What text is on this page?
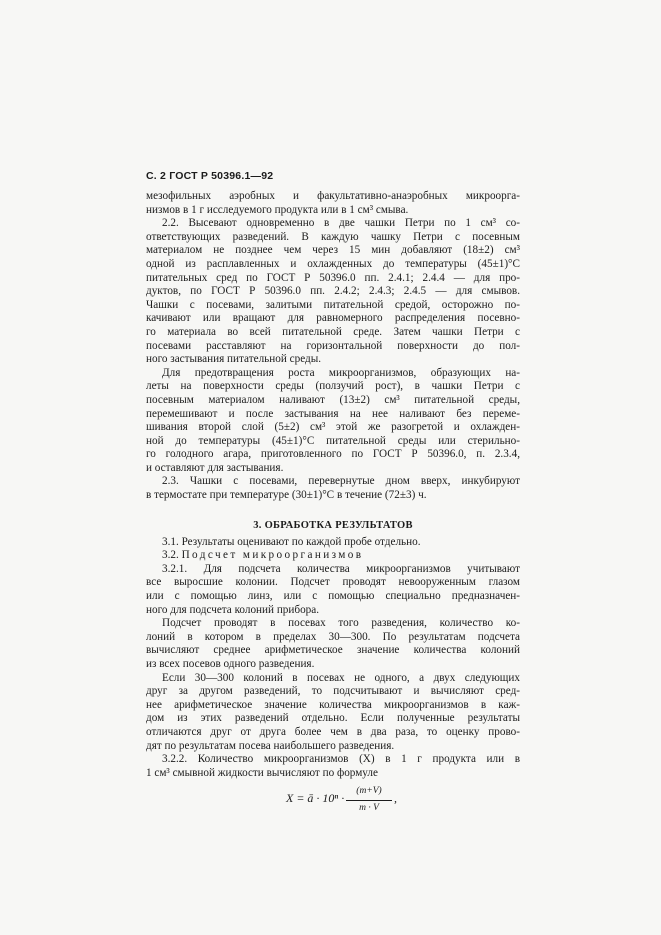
С. 2 ГОСТ Р 50396.1—92
мезофильных аэробных и факультативно-анаэробных микроорга-
низмов в 1 г исследуемого продукта или в 1 см³ смыва.
2.2. Высевают одновременно в две чашки Петри по 1 см³ со-
ответствующих разведений. В каждую чашку Петри с посевным
материалом не позднее чем через 15 мин добавляют (18±2) см³
одной из расплавленных и охлажденных до температуры (45±1)°С
питательных сред по ГОСТ Р 50396.0 пп. 2.4.1; 2.4.4 — для про-
дуктов, по ГОСТ Р 50396.0 пп. 2.4.2; 2.4.3; 2.4.5 — для смывов.
Чашки с посевами, залитыми питательной средой, осторожно по-
качивают или вращают для равномерного распределения посевно-
го материала во всей питательной среде. Затем чашки Петри с
посевами расставляют на горизонтальной поверхности до пол-
ного застывания питательной среды.
Для предотвращения роста микроорганизмов, образующих на-
леты на поверхности среды (ползучий рост), в чашки Петри с
посевным материалом наливают (13±2) см³ питательной среды,
перемешивают и после застывания на нее наливают без переме-
шивания второй слой (5±2) см³ этой же разогретой и охлажден-
ной до температуры (45±1)°С питательной среды или стерильно-
го голодного агара, приготовленного по ГОСТ Р 50396.0, п. 2.3.4,
и оставляют для застывания.
2.3. Чашки с посевами, перевернутые дном вверх, инкубируют
в термостате при температуре (30±1)°С в течение (72±3) ч.
3. ОБРАБОТКА РЕЗУЛЬТАТОВ
3.1. Результаты оценивают по каждой пробе отдельно.
3.2. Подсчет микроорганизмов
3.2.1. Для подсчета количества микроорганизмов учитывают
все выросшие колонии. Подсчет проводят невооруженным глазом
или с помощью линз, или с помощью специально предназначен-
ного для подсчета колоний прибора.
Подсчет проводят в посевах того разведения, количество ко-
лоний в котором в пределах 30—300. По результатам подсчета
вычисляют среднее арифметическое значение количества колоний
из всех посевов одного разведения.
Если 30—300 колоний в посевах не одного, а двух следующих
друг за другом разведений, то подсчитывают и вычисляют сред-
нее арифметическое значение количества микроорганизмов в каж-
дом из этих разведений отдельно. Если полученные результаты
отличаются друг от друга более чем в два раза, то оценку прово-
дят по результатам посева наибольшего разведения.
3.2.2. Количество микроорганизмов (X) в 1 г продукта или в
1 см³ смывной жидкости вычисляют по формуле
X = ā · $10^n \cdot \frac{(m+V)}{m \cdot V}$ ,
